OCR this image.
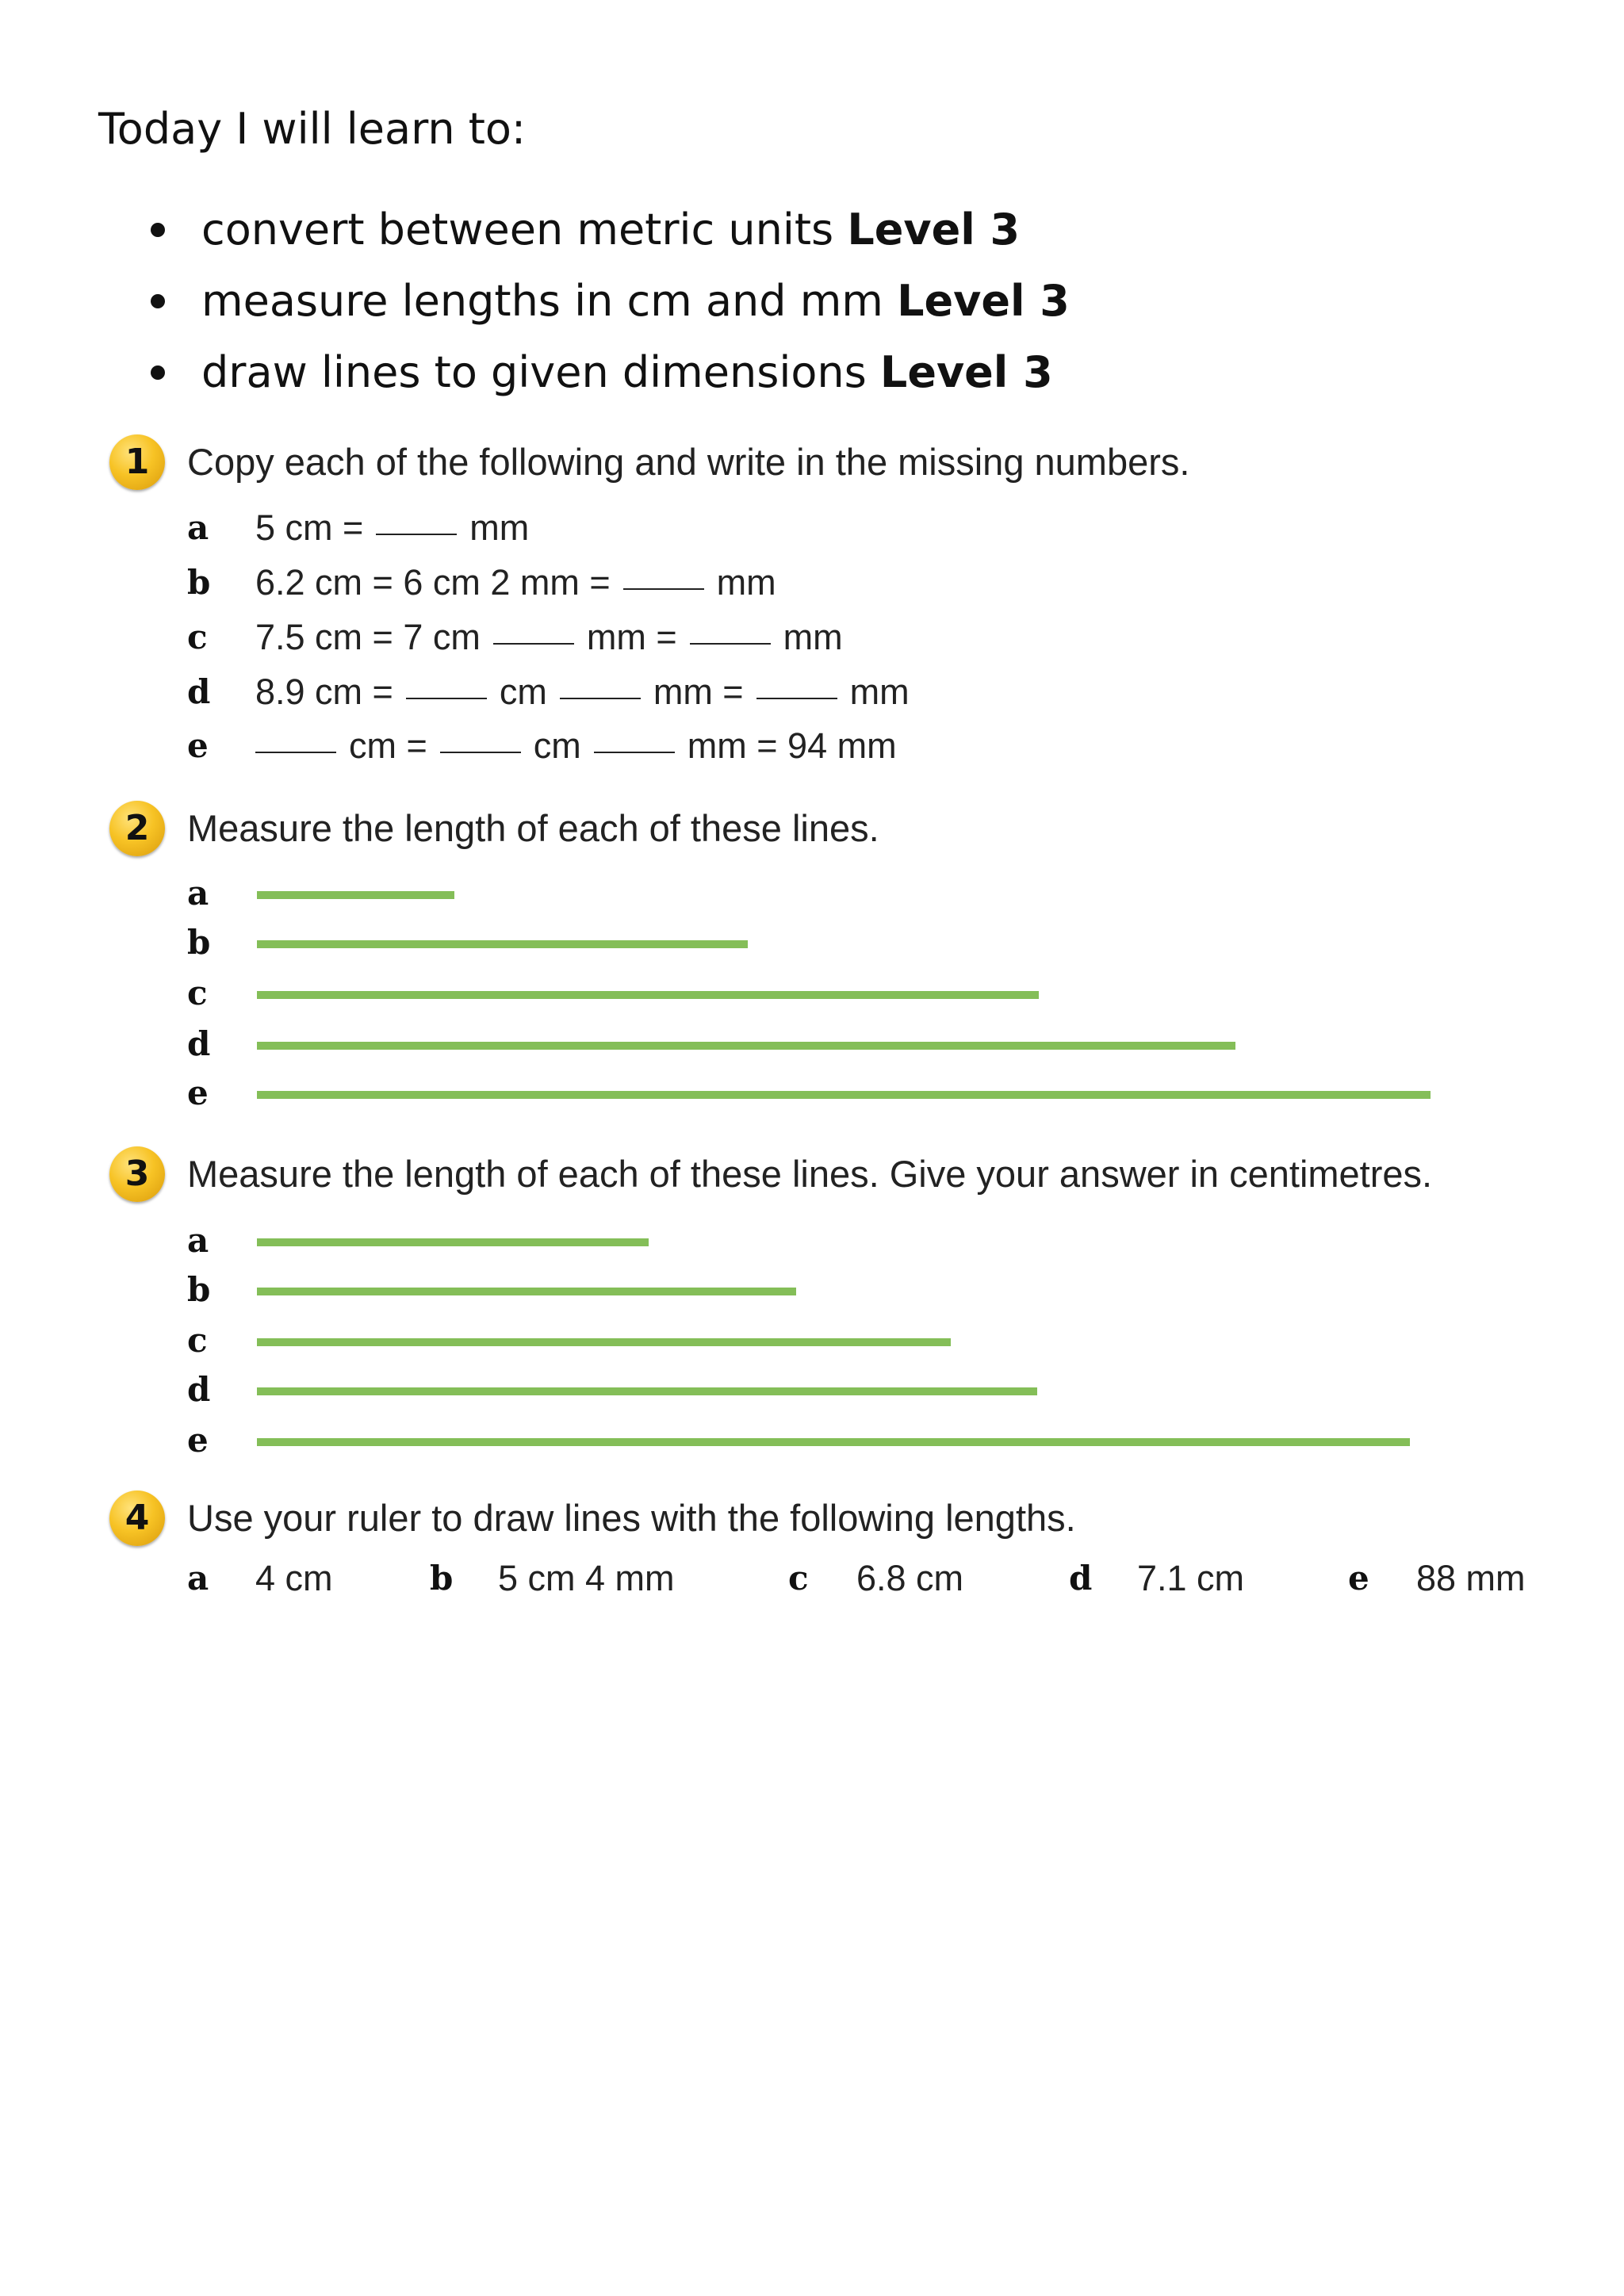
Today I will learn to:
convert between metric units Level 3
measure lengths in cm and mm Level 3
draw lines to given dimensions Level 3
1	Copy each of the following and write in the missing numbers.
a 5 cm =	mm
b 6.2 cm = 6 cm 2 mm =	mm
c 7.5 cm = 7 cm	mm =	mm
d 8.9 cm =	cm	mm =	mm
e	cm =	cm	mm = 94 mm
2	Measure the length of each of these lines.
a
b
c
d
e
3	Measure the length of each of these lines. Give your answer in centimetres.
a
b
c
d
e
4	Use your ruler to draw lines with the following lengths.
a 4 cm	b 5 cm 4 mm	c 6.8 cm	d 7.1 cm	e 88 mm
